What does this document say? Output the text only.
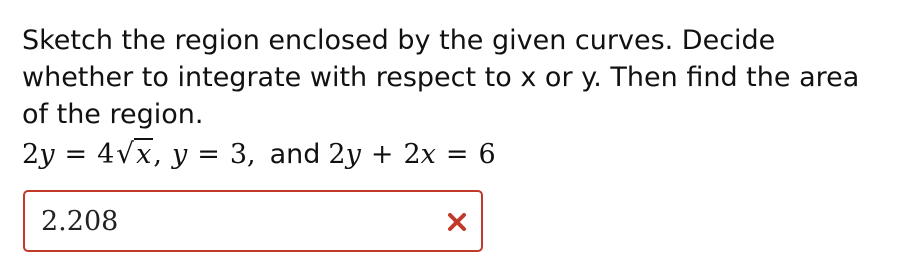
Sketch the region enclosed by the given curves. Decide whether to integrate with respect to x or y. Then find the area of the region.
2y = 4√x, y = 3, and 2y + 2x = 6
2.208
